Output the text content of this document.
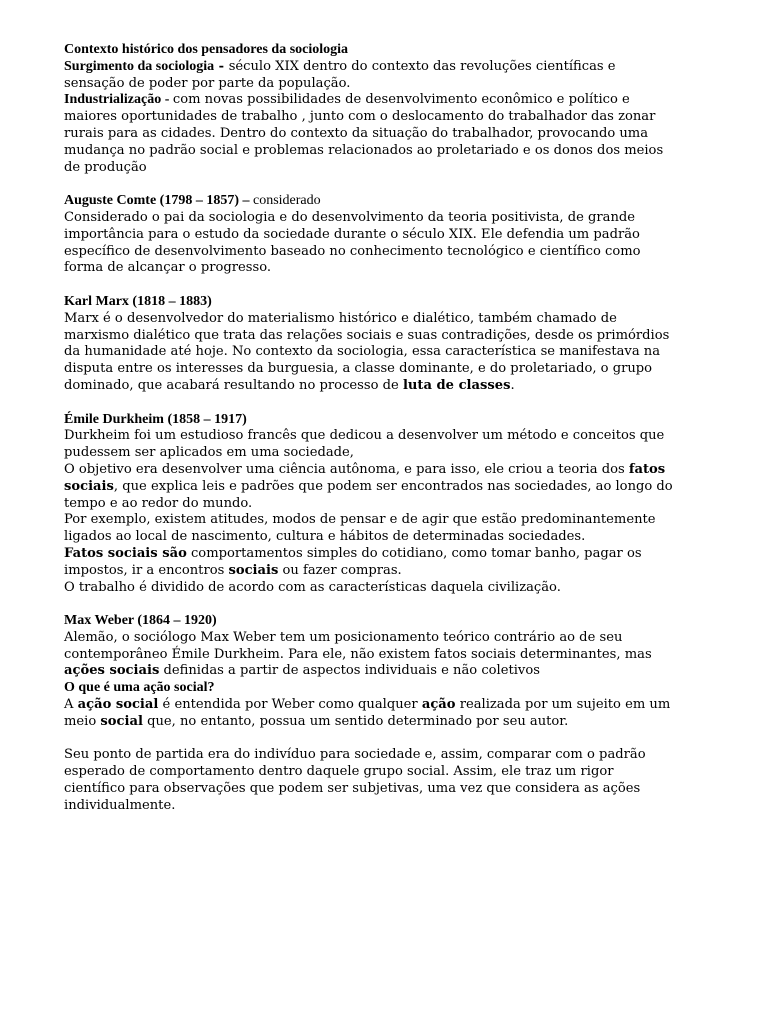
Contexto histórico dos pensadores da sociologia

Surgimento da sociologia - século XIX dentro do contexto das revoluções científicas e sensação de poder por parte da população.

Industrialização - com novas possibilidades de desenvolvimento econômico e político e maiores oportunidades de trabalho , junto com o deslocamento do trabalhador das zonar rurais para as cidades. Dentro do contexto da situação do trabalhador, provocando uma mudança no padrão social e problemas relacionados ao proletariado e os donos dos meios de produção

Auguste Comte (1798 – 1857) – considerado

Considerado o pai da sociologia e do desenvolvimento da teoria positivista, de grande importância para o estudo da sociedade durante o século XIX. Ele defendia um padrão específico de desenvolvimento baseado no conhecimento tecnológico e científico como forma de alcançar o progresso.

Karl Marx (1818 – 1883)

Marx é o desenvolvedor do materialismo histórico e dialético, também chamado de marxismo dialético que trata das relações sociais e suas contradições, desde os primórdios da humanidade até hoje. No contexto da sociologia, essa característica se manifestava na disputa entre os interesses da burguesia, a classe dominante, e do proletariado, o grupo dominado, que acabará resultando no processo de luta de classes.

Émile Durkheim (1858 – 1917)

Durkheim foi um estudioso francês que dedicou a desenvolver um método e conceitos que pudessem ser aplicados em uma sociedade,

O objetivo era desenvolver uma ciência autônoma, e para isso, ele criou a teoria dos fatos sociais, que explica leis e padrões que podem ser encontrados nas sociedades, ao longo do tempo e ao redor do mundo.

Por exemplo, existem atitudes, modos de pensar e de agir que estão predominantemente ligados ao local de nascimento, cultura e hábitos de determinadas sociedades.

Fatos sociais são comportamentos simples do cotidiano, como tomar banho, pagar os impostos, ir a encontros sociais ou fazer compras.

O trabalho é dividido de acordo com as características daquela civilização.

Max Weber (1864 – 1920)

Alemão, o sociólogo Max Weber tem um posicionamento teórico contrário ao de seu contemporâneo Émile Durkheim. Para ele, não existem fatos sociais determinantes, mas ações sociais definidas a partir de aspectos individuais e não coletivos

O que é uma ação social?

A ação social é entendida por Weber como qualquer ação realizada por um sujeito em um meio social que, no entanto, possua um sentido determinado por seu autor.

Seu ponto de partida era do indivíduo para sociedade e, assim, comparar com o padrão esperado de comportamento dentro daquele grupo social. Assim, ele traz um rigor científico para observações que podem ser subjetivas, uma vez que considera as ações individualmente.
